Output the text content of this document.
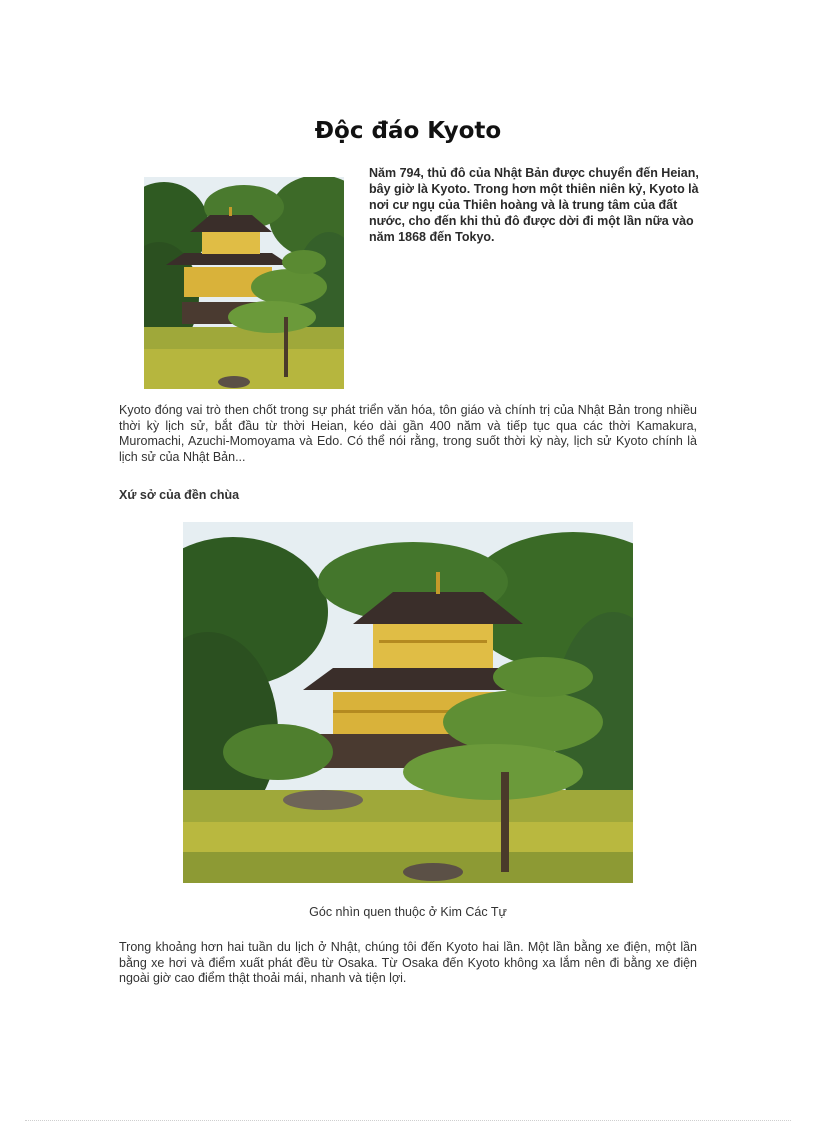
Độc đáo Kyoto

Năm 794, thủ đô của Nhật Bản được chuyển đến Heian, bây giờ là Kyoto. Trong hơn một thiên niên kỷ, Kyoto là nơi cư ngụ của Thiên hoàng và là trung tâm của đất nước, cho đến khi thủ đô được dời đi một lần nữa vào năm 1868 đến Tokyo.

Kyoto đóng vai trò then chốt trong sự phát triển văn hóa, tôn giáo và chính trị của Nhật Bản trong nhiều thời kỳ lịch sử, bắt đầu từ thời Heian, kéo dài gần 400 năm và tiếp tục qua các thời Kamakura, Muromachi, Azuchi-Momoyama và Edo. Có thể nói rằng, trong suốt thời kỳ này, lịch sử Kyoto chính là lịch sử của Nhật Bản...

Xứ sở của đền chùa

Góc nhìn quen thuộc ở Kim Các Tự

Trong khoảng hơn hai tuần du lịch ở Nhật, chúng tôi đến Kyoto hai lần. Một lần bằng xe điện, một lần bằng xe hơi và điểm xuất phát đều từ Osaka. Từ Osaka đến Kyoto không xa lắm nên đi bằng xe điện ngoài giờ cao điểm thật thoải mái, nhanh và tiện lợi.
